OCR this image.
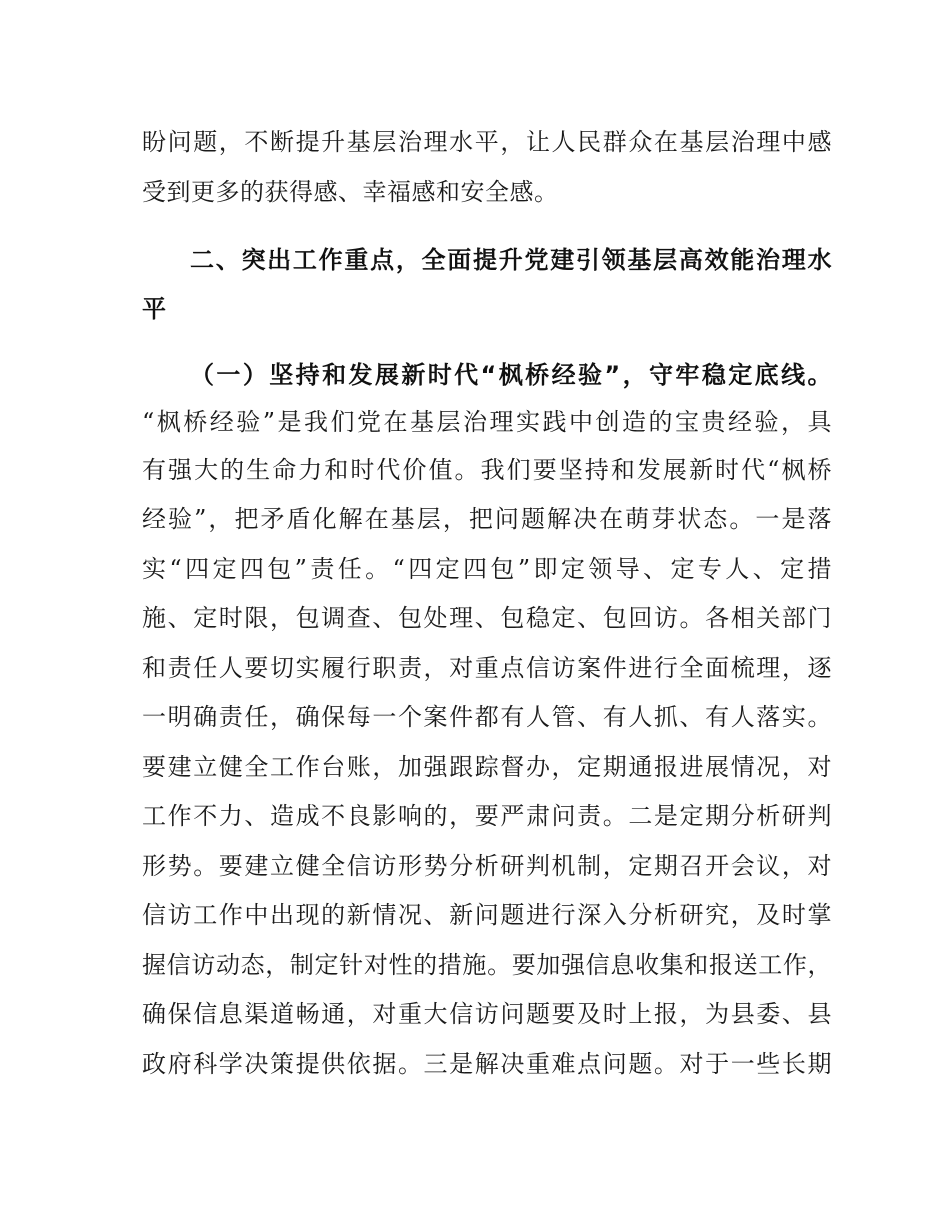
盼问题，不断提升基层治理水平，让人民群众在基层治理中感
受到更多的获得感、幸福感和安全感。
二、突出工作重点，全面提升党建引领基层高效能治理水
平
（一）坚持和发展新时代“枫桥经验”，守牢稳定底线。
“枫桥经验”是我们党在基层治理实践中创造的宝贵经验，具
有强大的生命力和时代价值。我们要坚持和发展新时代“枫桥
经验”，把矛盾化解在基层，把问题解决在萌芽状态。一是落
实“四定四包”责任。“四定四包”即定领导、定专人、定措
施、定时限，包调查、包处理、包稳定、包回访。各相关部门
和责任人要切实履行职责，对重点信访案件进行全面梳理，逐
一明确责任，确保每一个案件都有人管、有人抓、有人落实。
要建立健全工作台账，加强跟踪督办，定期通报进展情况，对
工作不力、造成不良影响的，要严肃问责。二是定期分析研判
形势。要建立健全信访形势分析研判机制，定期召开会议，对
信访工作中出现的新情况、新问题进行深入分析研究，及时掌
握信访动态，制定针对性的措施。要加强信息收集和报送工作，
确保信息渠道畅通，对重大信访问题要及时上报，为县委、县
政府科学决策提供依据。三是解决重难点问题。对于一些长期
